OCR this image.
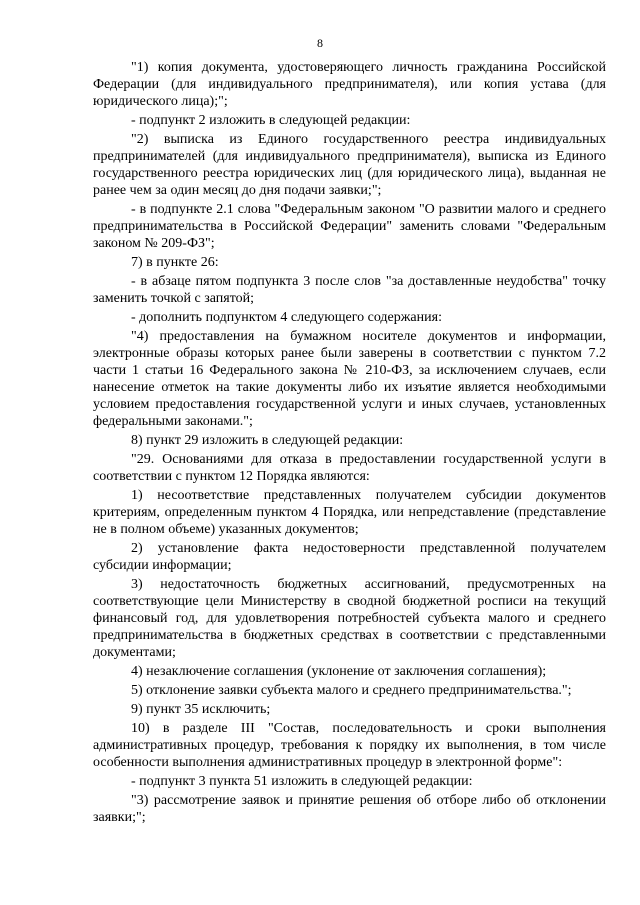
8

"1) копия документа, удостоверяющего личность гражданина Российской Федерации (для индивидуального предпринимателя), или копия устава (для юридического лица);";

- подпункт 2 изложить в следующей редакции:

"2) выписка из Единого государственного реестра индивидуальных предпринимателей (для индивидуального предпринимателя), выписка из Единого государственного реестра юридических лиц (для юридического лица), выданная не ранее чем за один месяц до дня подачи заявки;";

- в подпункте 2.1 слова "Федеральным законом "О развитии малого и среднего предпринимательства в Российской Федерации" заменить словами "Федеральным законом № 209-ФЗ";

7) в пункте 26:

- в абзаце пятом подпункта 3 после слов "за доставленные неудобства" точку заменить точкой с запятой;

- дополнить подпунктом 4 следующего содержания:

"4) предоставления на бумажном носителе документов и информации, электронные образы которых ранее были заверены в соответствии с пунктом 7.2 части 1 статьи 16 Федерального закона № 210-ФЗ, за исключением случаев, если нанесение отметок на такие документы либо их изъятие является необходимыми условием предоставления государственной услуги и иных случаев, установленных федеральными законами.";

8) пункт 29 изложить в следующей редакции:

"29. Основаниями для отказа в предоставлении государственной услуги в соответствии с пунктом 12 Порядка являются:

1) несоответствие представленных получателем субсидии документов критериям, определенным пунктом 4 Порядка, или непредставление (представление не в полном объеме) указанных документов;

2) установление факта недостоверности представленной получателем субсидии информации;

3) недостаточность бюджетных ассигнований, предусмотренных на соответствующие цели Министерству в сводной бюджетной росписи на текущий финансовый год, для удовлетворения потребностей субъекта малого и среднего предпринимательства в бюджетных средствах в соответствии с представленными документами;

4) незаключение соглашения (уклонение от заключения соглашения);

5) отклонение заявки субъекта малого и среднего предпринимательства.";

9) пункт 35 исключить;

10) в разделе III "Состав, последовательность и сроки выполнения административных процедур, требования к порядку их выполнения, в том числе особенности выполнения административных процедур в электронной форме":

- подпункт 3 пункта 51 изложить в следующей редакции:

"3) рассмотрение заявок и принятие решения об отборе либо об отклонении заявки;";
